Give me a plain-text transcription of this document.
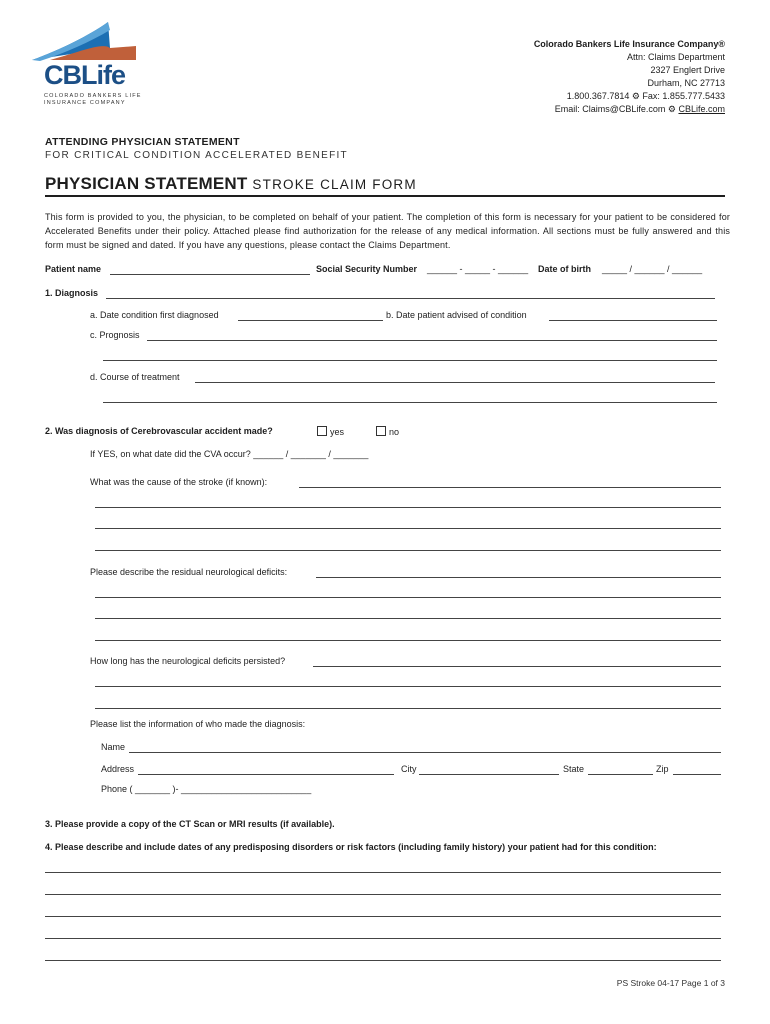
CBLife
COLORADO BANKERS LIFE
INSURANCE COMPANY
Colorado Bankers Life Insurance Company®
Attn: Claims Department
2327 Englert Drive
Durham, NC 27713
1.800.367.7814 ⚙ Fax: 1.855.777.5433
Email: Claims@CBLife.com ⚙ CBLife.com
ATTENDING PHYSICIAN STATEMENT
FOR CRITICAL CONDITION ACCELERATED BENEFIT
PHYSICIAN STATEMENT STROKE CLAIM FORM
This form is provided to you, the physician, to be completed on behalf of your patient. The completion of this form is necessary for your patient to be considered for Accelerated Benefits under their policy. Attached please find authorization for the release of any medical information. All sections must be fully answered and this form must be signed and dated. If you have any questions, please contact the Claims Department.
Patient name	Social Security Number ______ - _____ - ______ Date of birth _____ / ______ / ______
1. Diagnosis
a. Date condition first diagnosed	b. Date patient advised of condition
c. Prognosis
d. Course of treatment
2. Was diagnosis of Cerebrovascular accident made?	yes	no
If YES, on what date did the CVA occur? ______ / _______ / _______
What was the cause of the stroke (if known):
Please describe the residual neurological deficits:
How long has the neurological deficits persisted?
Please list the information of who made the diagnosis:
Name
Address	City	State	Zip
Phone ( _______ )- __________________________
3. Please provide a copy of the CT Scan or MRI results (if available).
4. Please describe and include dates of any predisposing disorders or risk factors (including family history) your patient had for this condition:
PS Stroke 04-17 Page 1 of 3
